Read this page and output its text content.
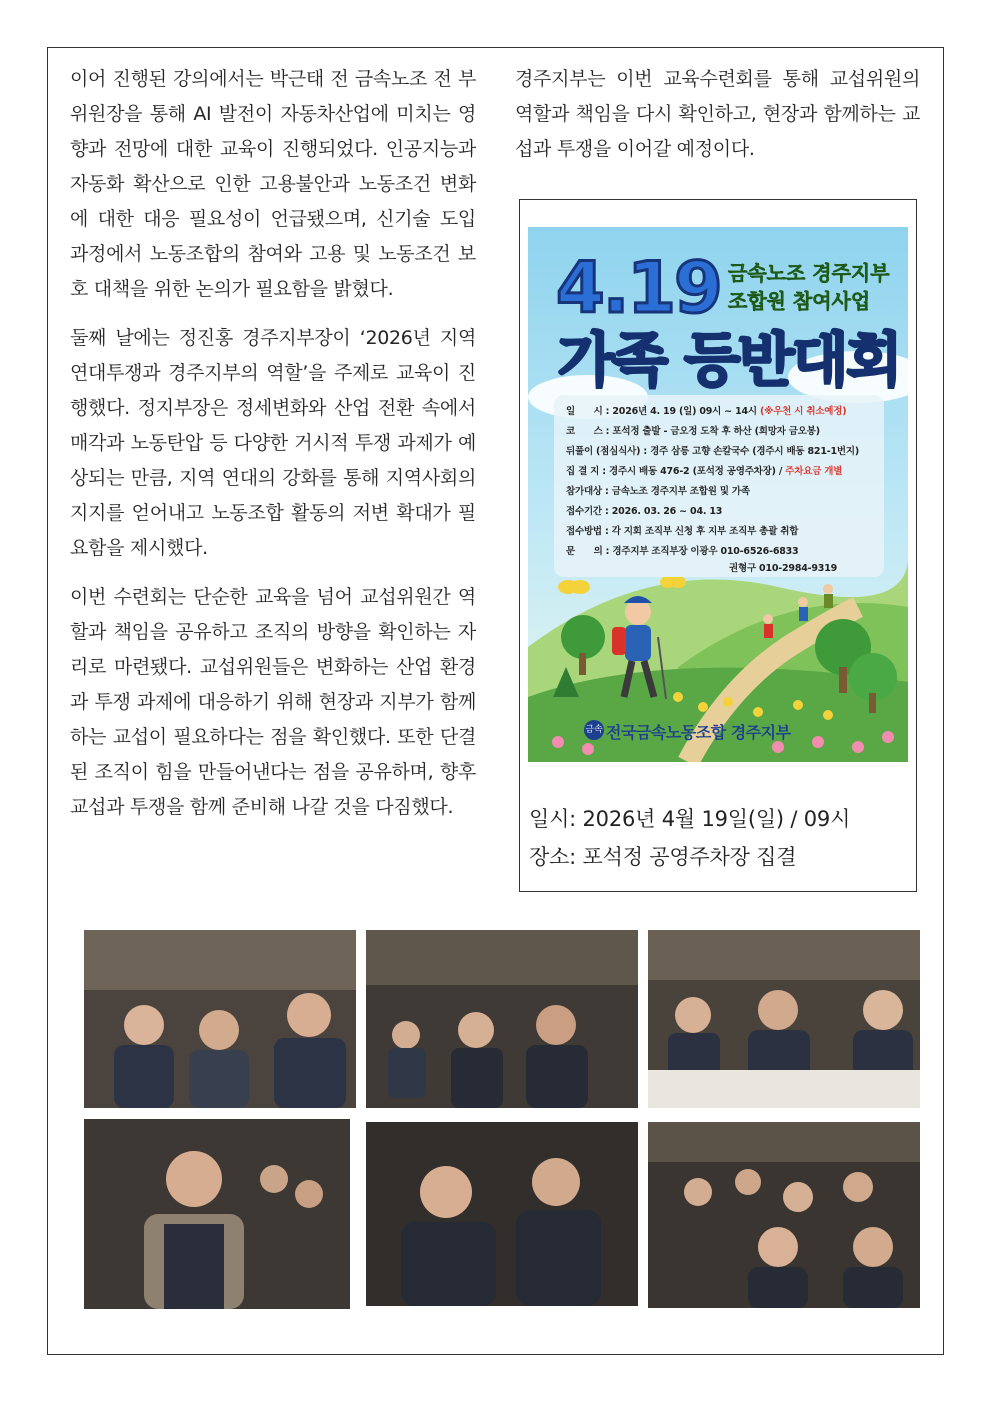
이어 진행된 강의에서는 박근태 전 금속노조 전 부위원장을 통해 AI 발전이 자동차산업에 미치는 영향과 전망에 대한 교육이 진행되었다. 인공지능과 자동화 확산으로 인한 고용불안과 노동조건 변화에 대한 대응 필요성이 언급됐으며, 신기술 도입 과정에서 노동조합의 참여와 고용 및 노동조건 보호 대책을 위한 논의가 필요함을 밝혔다.

둘째 날에는 정진홍 경주지부장이 ‘2026년 지역연대투쟁과 경주지부의 역할’을 주제로 교육이 진행했다. 정지부장은 정세변화와 산업 전환 속에서 매각과 노동탄압 등 다양한 거시적 투쟁 과제가 예상되는 만큼, 지역 연대의 강화를 통해 지역사회의 지지를 얻어내고 노동조합 활동의 저변 확대가 필요함을 제시했다.

이번 수련회는 단순한 교육을 넘어 교섭위원간 역할과 책임을 공유하고 조직의 방향을 확인하는 자리로 마련됐다. 교섭위원들은 변화하는 산업 환경과 투쟁 과제에 대응하기 위해 현장과 지부가 함께하는 교섭이 필요하다는 점을 확인했다. 또한 단결된 조직이 힘을 만들어낸다는 점을 공유하며, 향후 교섭과 투쟁을 함께 준비해 나갈 것을 다짐했다.

경주지부는 이번 교육수련회를 통해 교섭위원의 역할과 책임을 다시 확인하고, 현장과 함께하는 교섭과 투쟁을 이어갈 예정이다.

4.19 금속노조 경주지부
조합원 참여사업
가족 등반대회
일　　시 : 2026년 4. 19 (일) 09시 ~ 14시 (※우천 시 취소예정)
코　　스 : 포석정 출발 - 금오정 도착 후 하산 (희망자 금오봉)
뒤풀이 (점심식사) : 경주 삼릉 고향 손칼국수 (경주시 배동 821-1번지)
집 결 지 : 경주시 배동 476-2 (포석정 공영주차장) / 주차요금 개별
참가대상 : 금속노조 경주지부 조합원 및 가족
접수기간 : 2026. 03. 26 ~ 04. 13
접수방법 : 각 지회 조직부 신청 후 지부 조직부 총괄 취합
문　　의 : 경주지부 조직부장 이광우 010-6526-6833
권형구 010-2984-9319
금속 전국금속노동조합 경주지부
일시: 2026년 4월 19일(일) / 09시
장소: 포석정 공영주차장 집결
